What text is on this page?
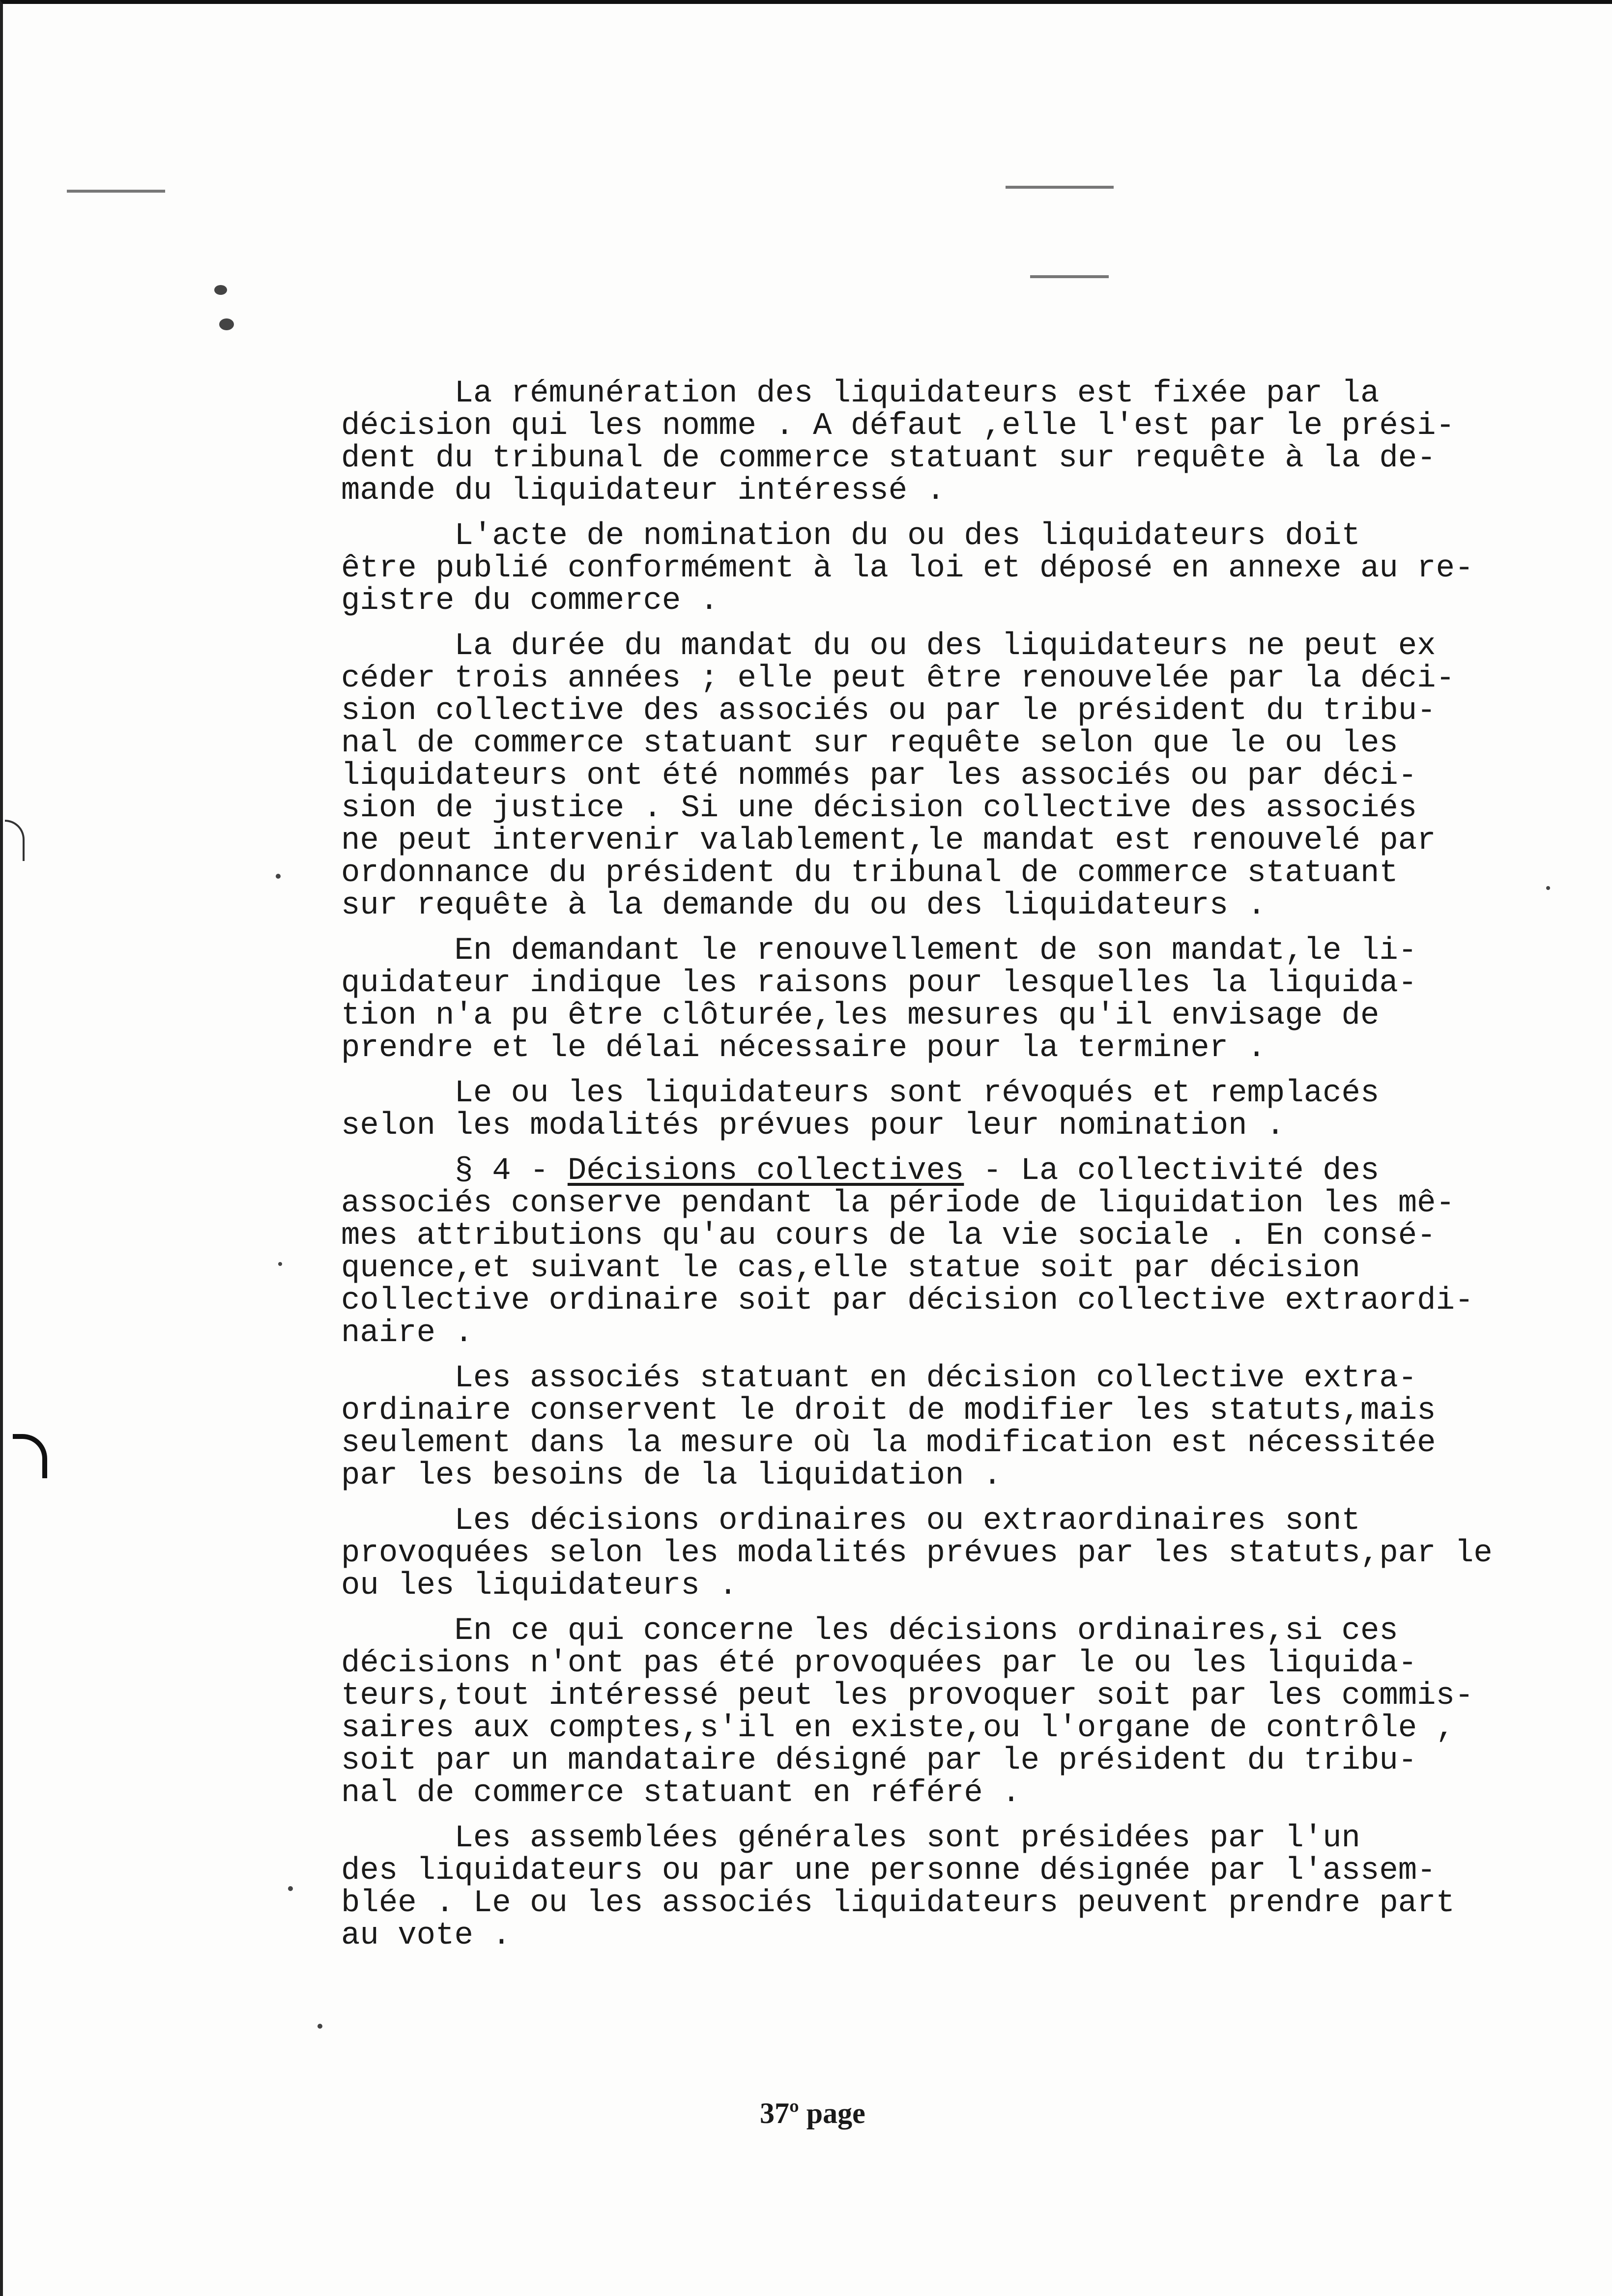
La rémunération des liquidateurs est fixée par la
décision qui les nomme . A défaut ,elle l'est par le prési-
dent du tribunal de commerce statuant sur requête à la de-
mande du liquidateur intéressé .
L'acte de nomination du ou des liquidateurs doit
être publié conformément à la loi et déposé en annexe au re-
gistre du commerce .
La durée du mandat du ou des liquidateurs ne peut ex
céder trois années ; elle peut être renouvelée par la déci-
sion collective des associés ou par le président du tribu-
nal de commerce statuant sur requête selon que le ou les
liquidateurs ont été nommés par les associés ou par déci-
sion de justice . Si une décision collective des associés
ne peut intervenir valablement,le mandat est renouvelé par
ordonnance du président du tribunal de commerce statuant
sur requête à la demande du ou des liquidateurs .
En demandant le renouvellement de son mandat,le li-
quidateur indique les raisons pour lesquelles la liquida-
tion n'a pu être clôturée,les mesures qu'il envisage de
prendre et le délai nécessaire pour la terminer .
Le ou les liquidateurs sont révoqués et remplacés
selon les modalités prévues pour leur nomination .
§ 4 - Décisions collectives - La collectivité des
associés conserve pendant la période de liquidation les mê-
mes attributions qu'au cours de la vie sociale . En consé-
quence,et suivant le cas,elle statue soit par décision
collective ordinaire soit par décision collective extraordi-
naire .
Les associés statuant en décision collective extra-
ordinaire conservent le droit de modifier les statuts,mais
seulement dans la mesure où la modification est nécessitée
par les besoins de la liquidation .
Les décisions ordinaires ou extraordinaires sont
provoquées selon les modalités prévues par les statuts,par le
ou les liquidateurs .
En ce qui concerne les décisions ordinaires,si ces
décisions n'ont pas été provoquées par le ou les liquida-
teurs,tout intéressé peut les provoquer soit par les commis-
saires aux comptes,s'il en existe,ou l'organe de contrôle ,
soit par un mandataire désigné par le président du tribu-
nal de commerce statuant en référé .
Les assemblées générales sont présidées par l'un
des liquidateurs ou par une personne désignée par l'assem-
blée . Le ou les associés liquidateurs peuvent prendre part
au vote .
37º page
